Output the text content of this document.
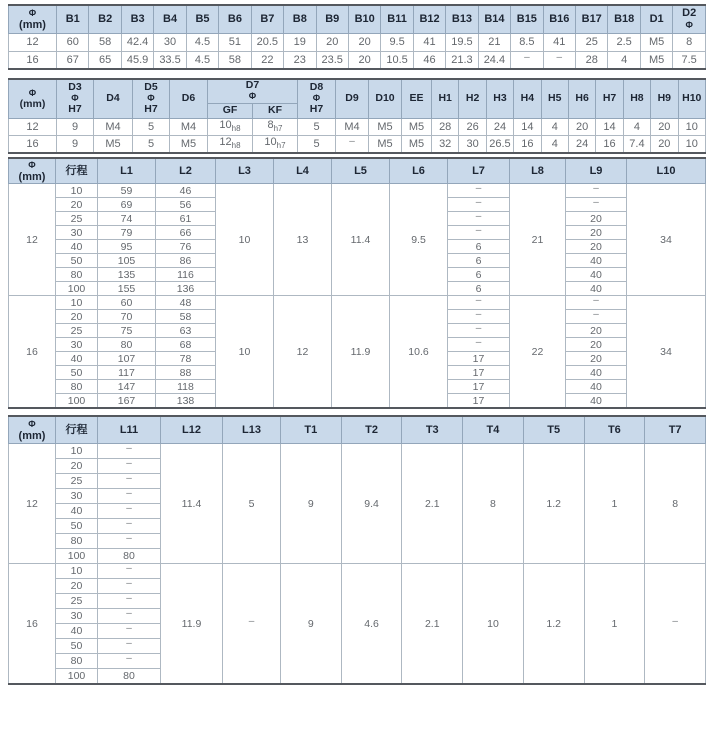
Φ
(mm)	B1	B2	B3	B4	B5	B6	B7	B8	B9	B10	B11	B12	B13	B14	B15	B16	B17	B18	D1	D2
Φ
12	60	58	42.4	30	4.5	51	20.5	19	20	20	9.5	41	19.5	21	8.5	41	25	2.5	M5	8
16	67	65	45.9	33.5	4.5	58	22	23	23.5	20	10.5	46	21.3	24.4	–	–	28	4	M5	7.5
Φ
(mm)	D3
Φ
H7	D4	D5
Φ
H7	D6	D7
Φ		D8
Φ
H7	D9	D10	EE	H1	H2	H3	H4	H5	H6	H7	H8	H9	H10
					GF	KF														
12	9	M4	5	M4	$10_{h8}$	$8_{h7}$	5	M4	M5	M5	28	26	24	14	4	20	14	4	20	10
16	9	M5	5	M5	$12_{h8}$	$10_{h7}$	5	–	M5	M5	32	30	26.5	16	4	24	16	7.4	20	10
Φ
(mm)	行程	L1	L2	L3	L4	L5	L6	L7	L8	L9	L10
12	10	59	46	10	13	11.4	9.5	–	21	–	34
	20	69	56					–		–	
	25	74	61					–		20	
	30	79	66					–		20	
	40	95	76					6		20	
	50	105	86					6		40	
	80	135	116					6		40	
	100	155	136					6		40	
16	10	60	48	10	12	11.9	10.6	–	22	–	34
	20	70	58					–		–	
	25	75	63					–		20	
	30	80	68					–		20	
	40	107	78					17		20	
	50	117	88					17		40	
	80	147	118					17		40	
	100	167	138					17		40	
Φ
(mm)	行程	L11	L12	L13	T1	T2	T3	T4	T5	T6	T7
12	10	–	11.4	5	9	9.4	2.1	8	1.2	1	8
	20	–									
	25	–									
	30	–									
	40	–									
	50	–									
	80	–									
	100	80									
16	10	–	11.9	–	9	4.6	2.1	10	1.2	1	–
	20	–									
	25	–									
	30	–									
	40	–									
	50	–									
	80	–									
	100	80									
